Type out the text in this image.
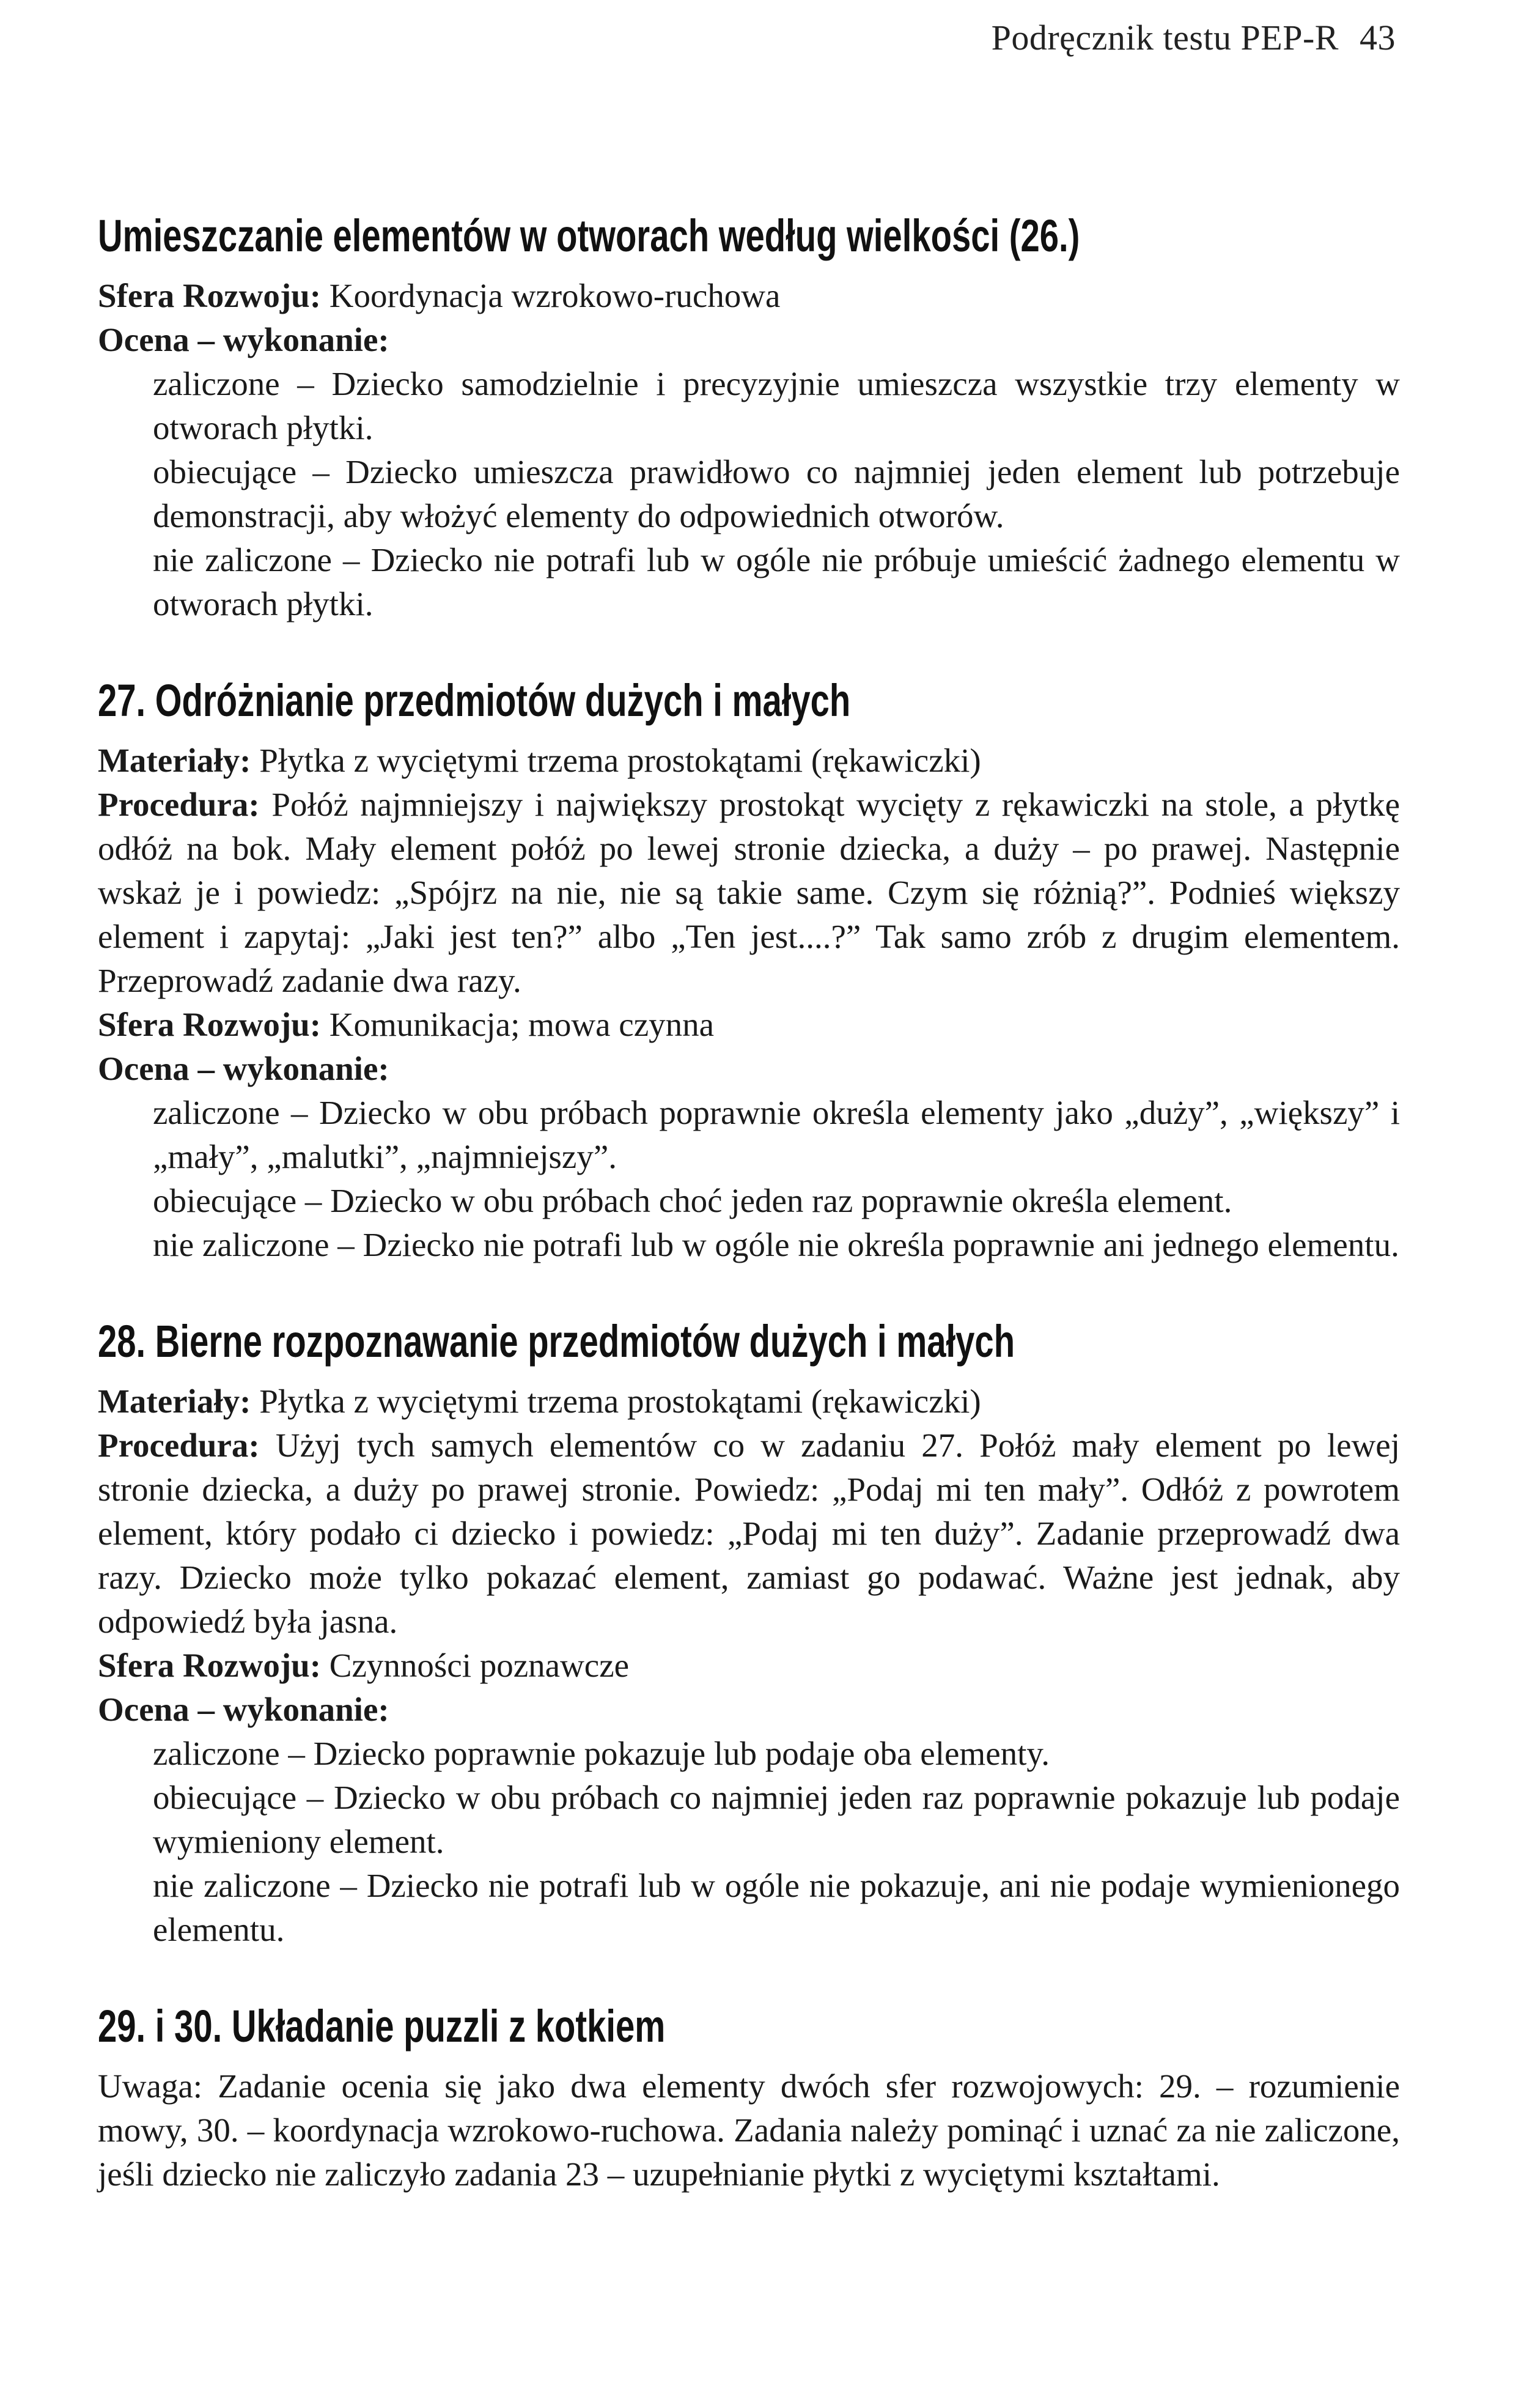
Podręcznik testu PEP-R 43
Umieszczanie elementów w otworach według wielkości (26.)

Sfera Rozwoju: Koordynacja wzrokowo-ruchowa

Ocena – wykonanie:

zaliczone – Dziecko samodzielnie i precyzyjnie umieszcza wszystkie trzy elementy w otworach płytki.
obiecujące – Dziecko umieszcza prawidłowo co najmniej jeden element lub potrzebuje demonstracji, aby włożyć elementy do odpowiednich otworów.
nie zaliczone – Dziecko nie potrafi lub w ogóle nie próbuje umieścić żadnego elementu w otworach płytki.
27. Odróżnianie przedmiotów dużych i małych

Materiały: Płytka z wyciętymi trzema prostokątami (rękawiczki)

Procedura: Połóż najmniejszy i największy prostokąt wycięty z rękawiczki na stole, a płytkę odłóż na bok. Mały element połóż po lewej stronie dziecka, a duży – po prawej. Następnie wskaż je i powiedz: „Spójrz na nie, nie są takie same. Czym się różnią?”. Podnieś większy element i zapytaj: „Jaki jest ten?” albo „Ten jest....?” Tak samo zrób z drugim elementem. Przeprowadź zadanie dwa razy.

Sfera Rozwoju: Komunikacja; mowa czynna

Ocena – wykonanie:

zaliczone – Dziecko w obu próbach poprawnie określa elementy jako „duży”, „większy” i „mały”, „malutki”, „najmniejszy”.
obiecujące – Dziecko w obu próbach choć jeden raz poprawnie określa element.
nie zaliczone – Dziecko nie potrafi lub w ogóle nie określa poprawnie ani jednego elementu.
28. Bierne rozpoznawanie przedmiotów dużych i małych

Materiały: Płytka z wyciętymi trzema prostokątami (rękawiczki)

Procedura: Użyj tych samych elementów co w zadaniu 27. Połóż mały element po lewej stronie dziecka, a duży po prawej stronie. Powiedz: „Podaj mi ten mały”. Odłóż z powrotem element, który podało ci dziecko i powiedz: „Podaj mi ten duży”. Zadanie przeprowadź dwa razy. Dziecko może tylko pokazać element, zamiast go podawać. Ważne jest jednak, aby odpowiedź była jasna.

Sfera Rozwoju: Czynności poznawcze

Ocena – wykonanie:

zaliczone – Dziecko poprawnie pokazuje lub podaje oba elementy.
obiecujące – Dziecko w obu próbach co najmniej jeden raz poprawnie pokazuje lub podaje wymieniony element.
nie zaliczone – Dziecko nie potrafi lub w ogóle nie pokazuje, ani nie podaje wymienionego elementu.
29. i 30. Układanie puzzli z kotkiem

Uwaga: Zadanie ocenia się jako dwa elementy dwóch sfer rozwojowych: 29. – rozumienie mowy, 30. – koordynacja wzrokowo-ruchowa. Zadania należy pominąć i uznać za nie zaliczone, jeśli dziecko nie zaliczyło zadania 23 – uzupełnianie płytki z wyciętymi kształtami.
